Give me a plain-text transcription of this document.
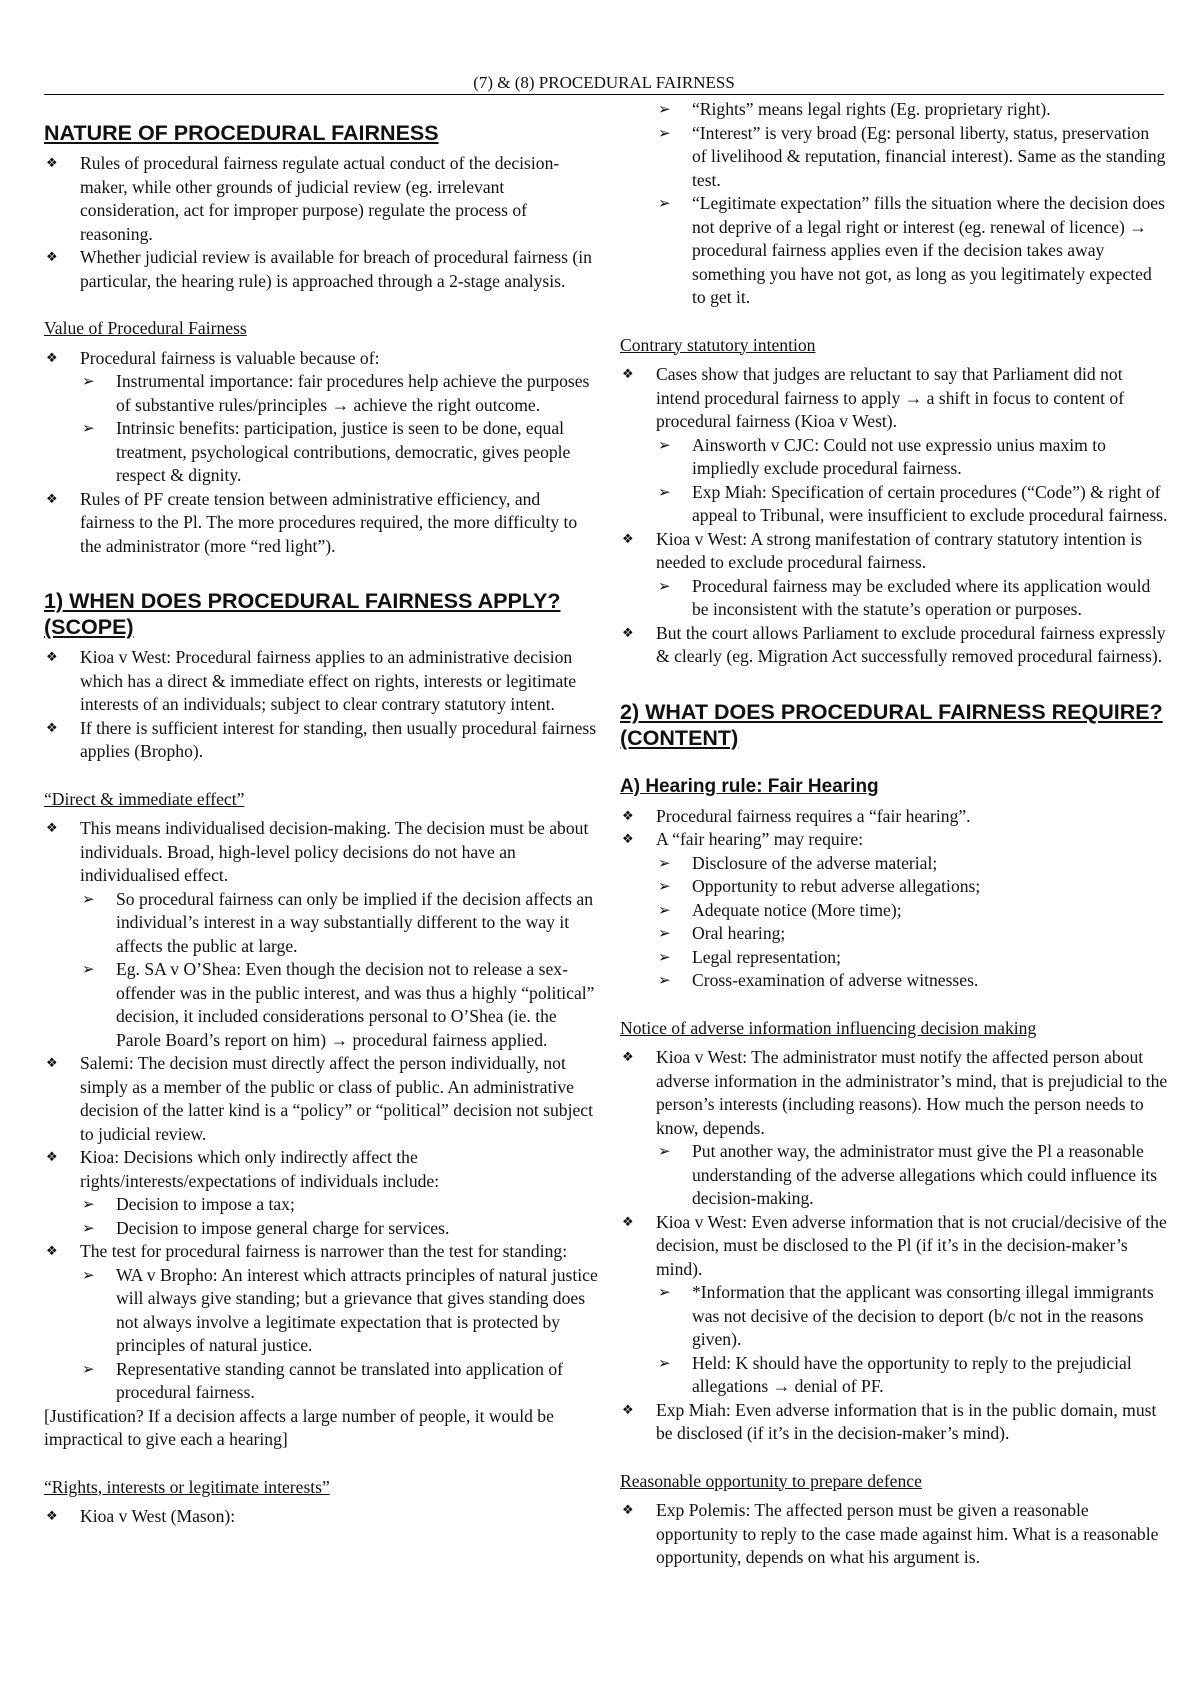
(7) & (8) PROCEDURAL FAIRNESS
NATURE OF PROCEDURAL FAIRNESS
❖ Rules of procedural fairness regulate actual conduct of the decision-maker, while other grounds of judicial review (eg. irrelevant consideration, act for improper purpose) regulate the process of reasoning.
❖ Whether judicial review is available for breach of procedural fairness (in particular, the hearing rule) is approached through a 2-stage analysis.

Value of Procedural Fairness

❖ Procedural fairness is valuable because of:
➢ Instrumental importance: fair procedures help achieve the purposes of substantive rules/principles → achieve the right outcome.
➢ Intrinsic benefits: participation, justice is seen to be done, equal treatment, psychological contributions, democratic, gives people respect & dignity.
❖ Rules of PF create tension between administrative efficiency, and fairness to the Pl. The more procedures required, the more difficulty to the administrator (more “red light”).
1) WHEN DOES PROCEDURAL FAIRNESS APPLY? (SCOPE)
❖ Kioa v West: Procedural fairness applies to an administrative decision which has a direct & immediate effect on rights, interests or legitimate interests of an individuals; subject to clear contrary statutory intent.
❖ If there is sufficient interest for standing, then usually procedural fairness applies (Bropho).

“Direct & immediate effect”

❖ This means individualised decision-making. The decision must be about individuals. Broad, high-level policy decisions do not have an individualised effect.
➢ So procedural fairness can only be implied if the decision affects an individual’s interest in a way substantially different to the way it affects the public at large.
➢ Eg. SA v O’Shea: Even though the decision not to release a sex-offender was in the public interest, and was thus a highly “political” decision, it included considerations personal to O’Shea (ie. the Parole Board’s report on him) → procedural fairness applied.
❖ Salemi: The decision must directly affect the person individually, not simply as a member of the public or class of public. An administrative decision of the latter kind is a “policy” or “political” decision not subject to judicial review.
❖ Kioa: Decisions which only indirectly affect the rights/interests/expectations of individuals include:
➢ Decision to impose a tax;
➢ Decision to impose general charge for services.
❖ The test for procedural fairness is narrower than the test for standing:
➢ WA v Bropho: An interest which attracts principles of natural justice will always give standing; but a grievance that gives standing does not always involve a legitimate expectation that is protected by principles of natural justice.
➢ Representative standing cannot be translated into application of procedural fairness.

[Justification? If a decision affects a large number of people, it would be impractical to give each a hearing]

“Rights, interests or legitimate interests”

❖ Kioa v West (Mason):
➢ “Rights” means legal rights (Eg. proprietary right).
➢ “Interest” is very broad (Eg: personal liberty, status, preservation of livelihood & reputation, financial interest). Same as the standing test.
➢ “Legitimate expectation” fills the situation where the decision does not deprive of a legal right or interest (eg. renewal of licence) → procedural fairness applies even if the decision takes away something you have not got, as long as you legitimately expected to get it.

Contrary statutory intention

❖ Cases show that judges are reluctant to say that Parliament did not intend procedural fairness to apply → a shift in focus to content of procedural fairness (Kioa v West).
➢ Ainsworth v CJC: Could not use expressio unius maxim to impliedly exclude procedural fairness.
➢ Exp Miah: Specification of certain procedures (“Code”) & right of appeal to Tribunal, were insufficient to exclude procedural fairness.
❖ Kioa v West: A strong manifestation of contrary statutory intention is needed to exclude procedural fairness.
➢ Procedural fairness may be excluded where its application would be inconsistent with the statute’s operation or purposes.
❖ But the court allows Parliament to exclude procedural fairness expressly & clearly (eg. Migration Act successfully removed procedural fairness).
2) WHAT DOES PROCEDURAL FAIRNESS REQUIRE? (CONTENT)
A) Hearing rule: Fair Hearing
❖ Procedural fairness requires a “fair hearing”.
❖ A “fair hearing” may require:
➢ Disclosure of the adverse material;
➢ Opportunity to rebut adverse allegations;
➢ Adequate notice (More time);
➢ Oral hearing;
➢ Legal representation;
➢ Cross-examination of adverse witnesses.

Notice of adverse information influencing decision making

❖ Kioa v West: The administrator must notify the affected person about adverse information in the administrator’s mind, that is prejudicial to the person’s interests (including reasons). How much the person needs to know, depends.
➢ Put another way, the administrator must give the Pl a reasonable understanding of the adverse allegations which could influence its decision-making.
❖ Kioa v West: Even adverse information that is not crucial/decisive of the decision, must be disclosed to the Pl (if it’s in the decision-maker’s mind).
➢ *Information that the applicant was consorting illegal immigrants was not decisive of the decision to deport (b/c not in the reasons given).
➢ Held: K should have the opportunity to reply to the prejudicial allegations → denial of PF.
❖ Exp Miah: Even adverse information that is in the public domain, must be disclosed (if it’s in the decision-maker’s mind).

Reasonable opportunity to prepare defence

❖ Exp Polemis: The affected person must be given a reasonable opportunity to reply to the case made against him. What is a reasonable opportunity, depends on what his argument is.
